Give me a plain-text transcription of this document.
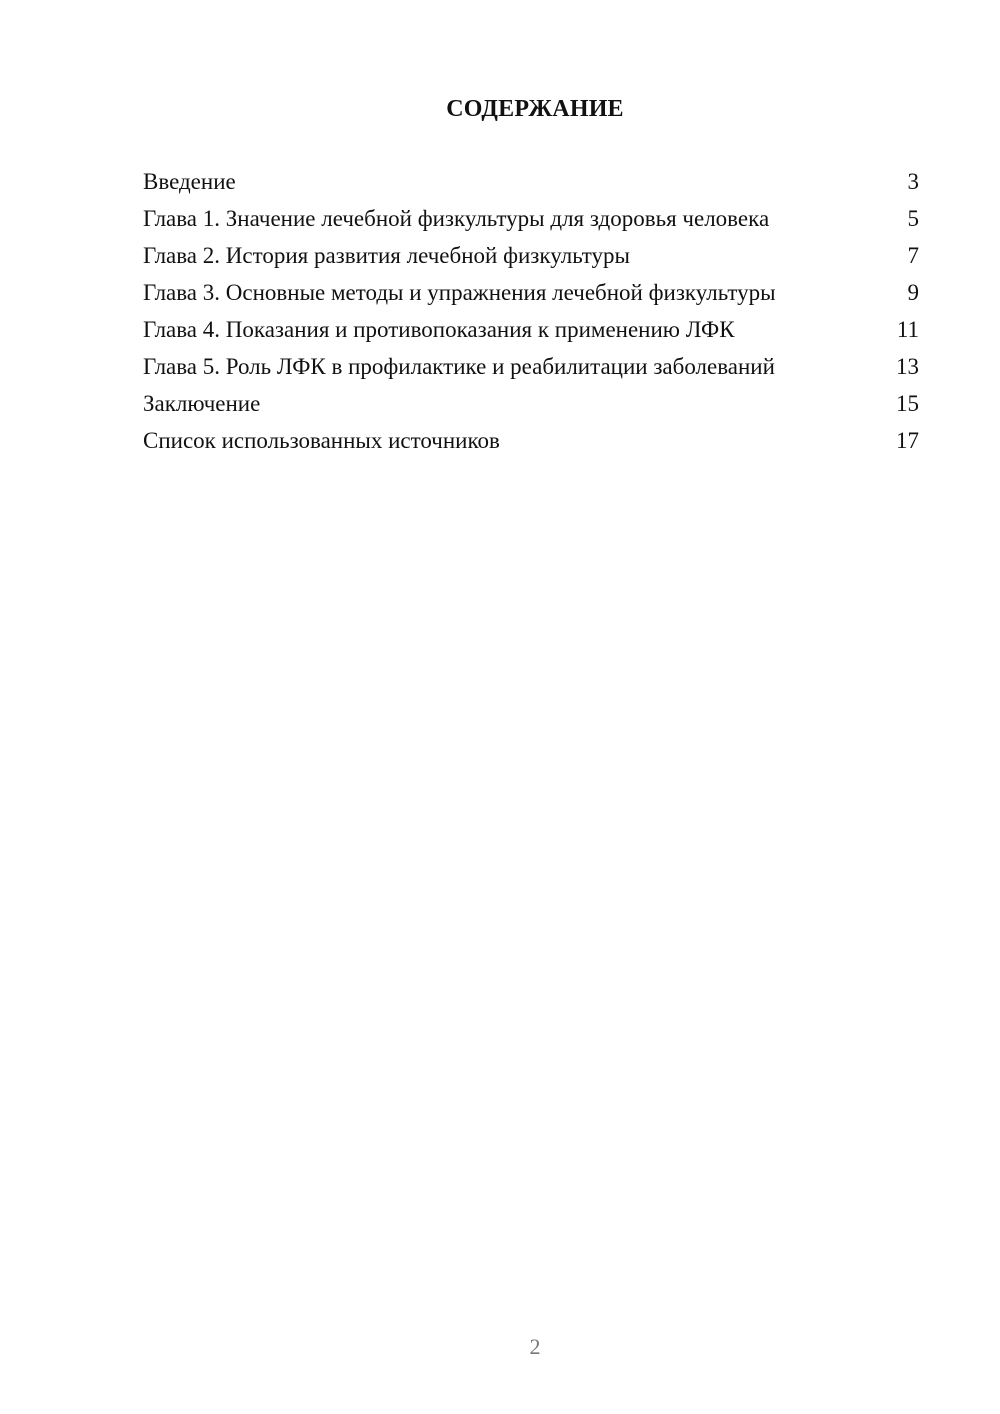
СОДЕРЖАНИЕ
Введение	3
Глава 1. Значение лечебной физкультуры для здоровья человека	5
Глава 2. История развития лечебной физкультуры	7
Глава 3. Основные методы и упражнения лечебной физкультуры	9
Глава 4. Показания и противопоказания к применению ЛФК	11
Глава 5. Роль ЛФК в профилактике и реабилитации заболеваний	13
Заключение	15
Список использованных источников	17
2
